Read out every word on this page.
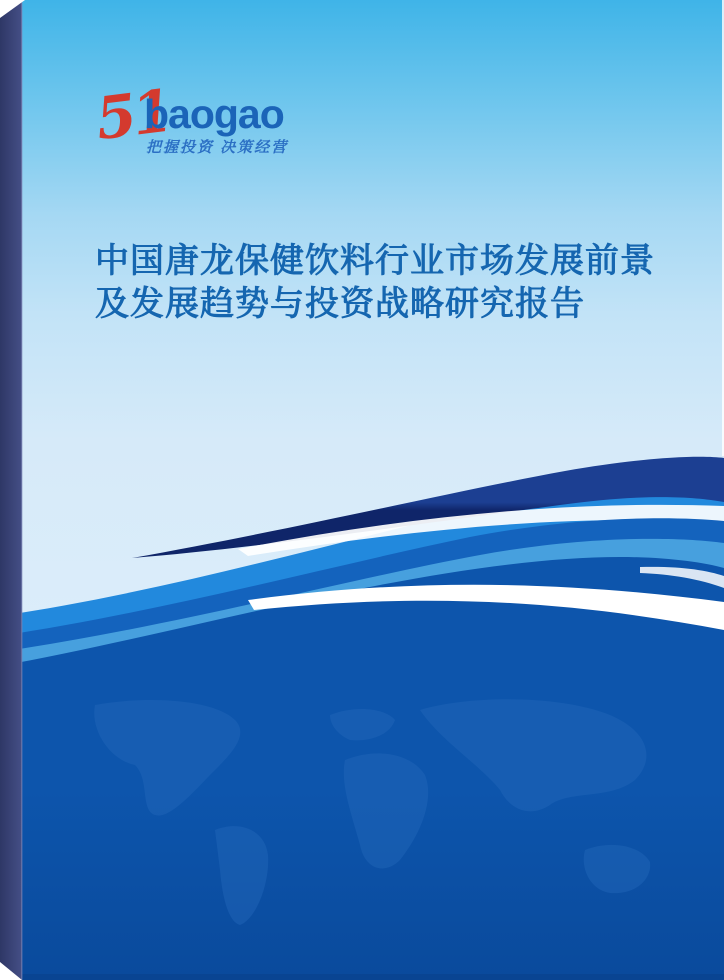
51
baogao
把握投资 决策经营
中国唐龙保健饮料行业市场发展前景
及发展趋势与投资战略研究报告
